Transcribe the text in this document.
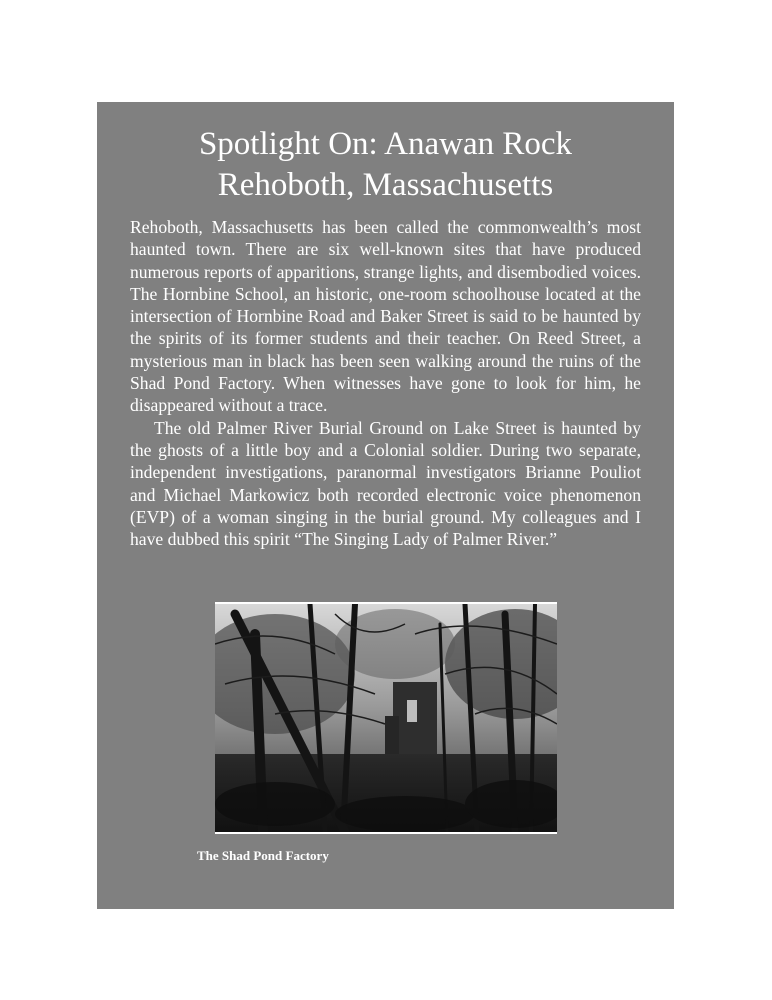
Spotlight On: Anawan Rock
Rehoboth, Massachusetts

Rehoboth, Massachusetts has been called the commonwealth’s most haunted town. There are six well-known sites that have produced numerous reports of apparitions, strange lights, and disembodied voices. The Hornbine School, an historic, one-room schoolhouse located at the intersection of Hornbine Road and Baker Street is said to be haunted by the spirits of its former students and their teacher. On Reed Street, a mysterious man in black has been seen walking around the ruins of the Shad Pond Factory. When witnesses have gone to look for him, he disappeared without a trace.

The old Palmer River Burial Ground on Lake Street is haunted by the ghosts of a little boy and a Colonial soldier. During two separate, independent investigations, paranormal investigators Brianne Pouliot and Michael Markowicz both recorded electronic voice phenomenon (EVP) of a woman singing in the burial ground. My colleagues and I have dubbed this spirit “The Singing Lady of Palmer River.”

The Shad Pond Factory
